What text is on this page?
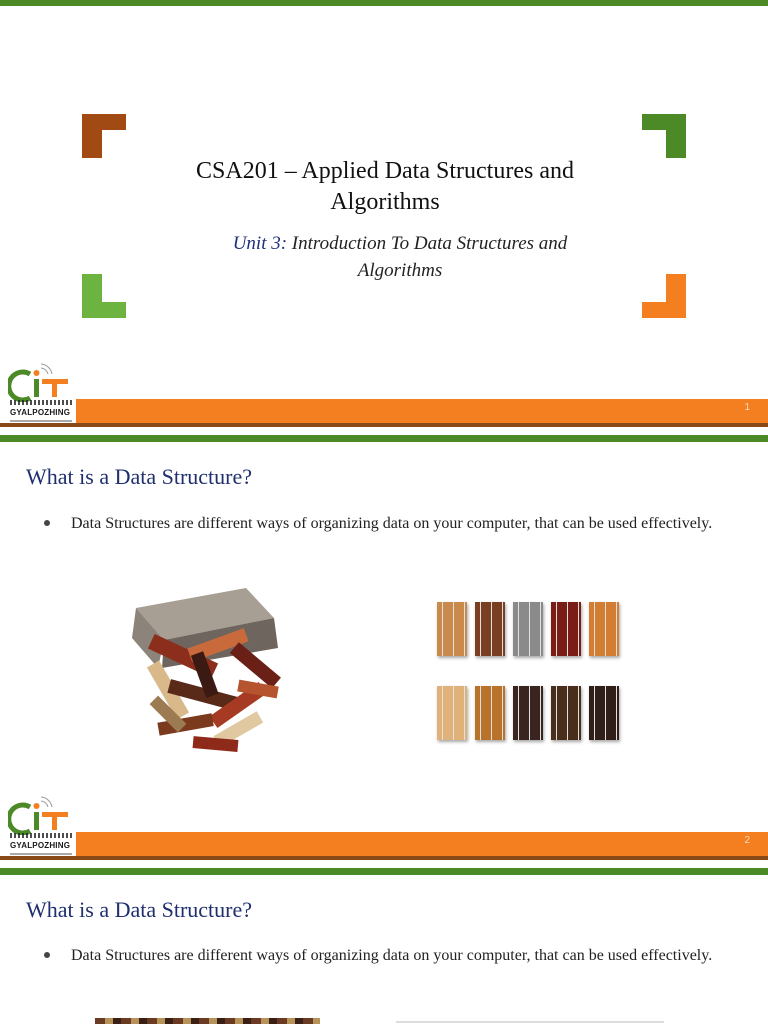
CSA201 – Applied Data Structures and
Algorithms
Unit 3: Introduction To Data Structures and
Algorithms
GYALPOZHING	1
What is a Data Structure?
Data Structures are different ways of organizing data on your computer, that can be used effectively.
GYALPOZHING	2
What is a Data Structure?
Data Structures are different ways of organizing data on your computer, that can be used effectively.
